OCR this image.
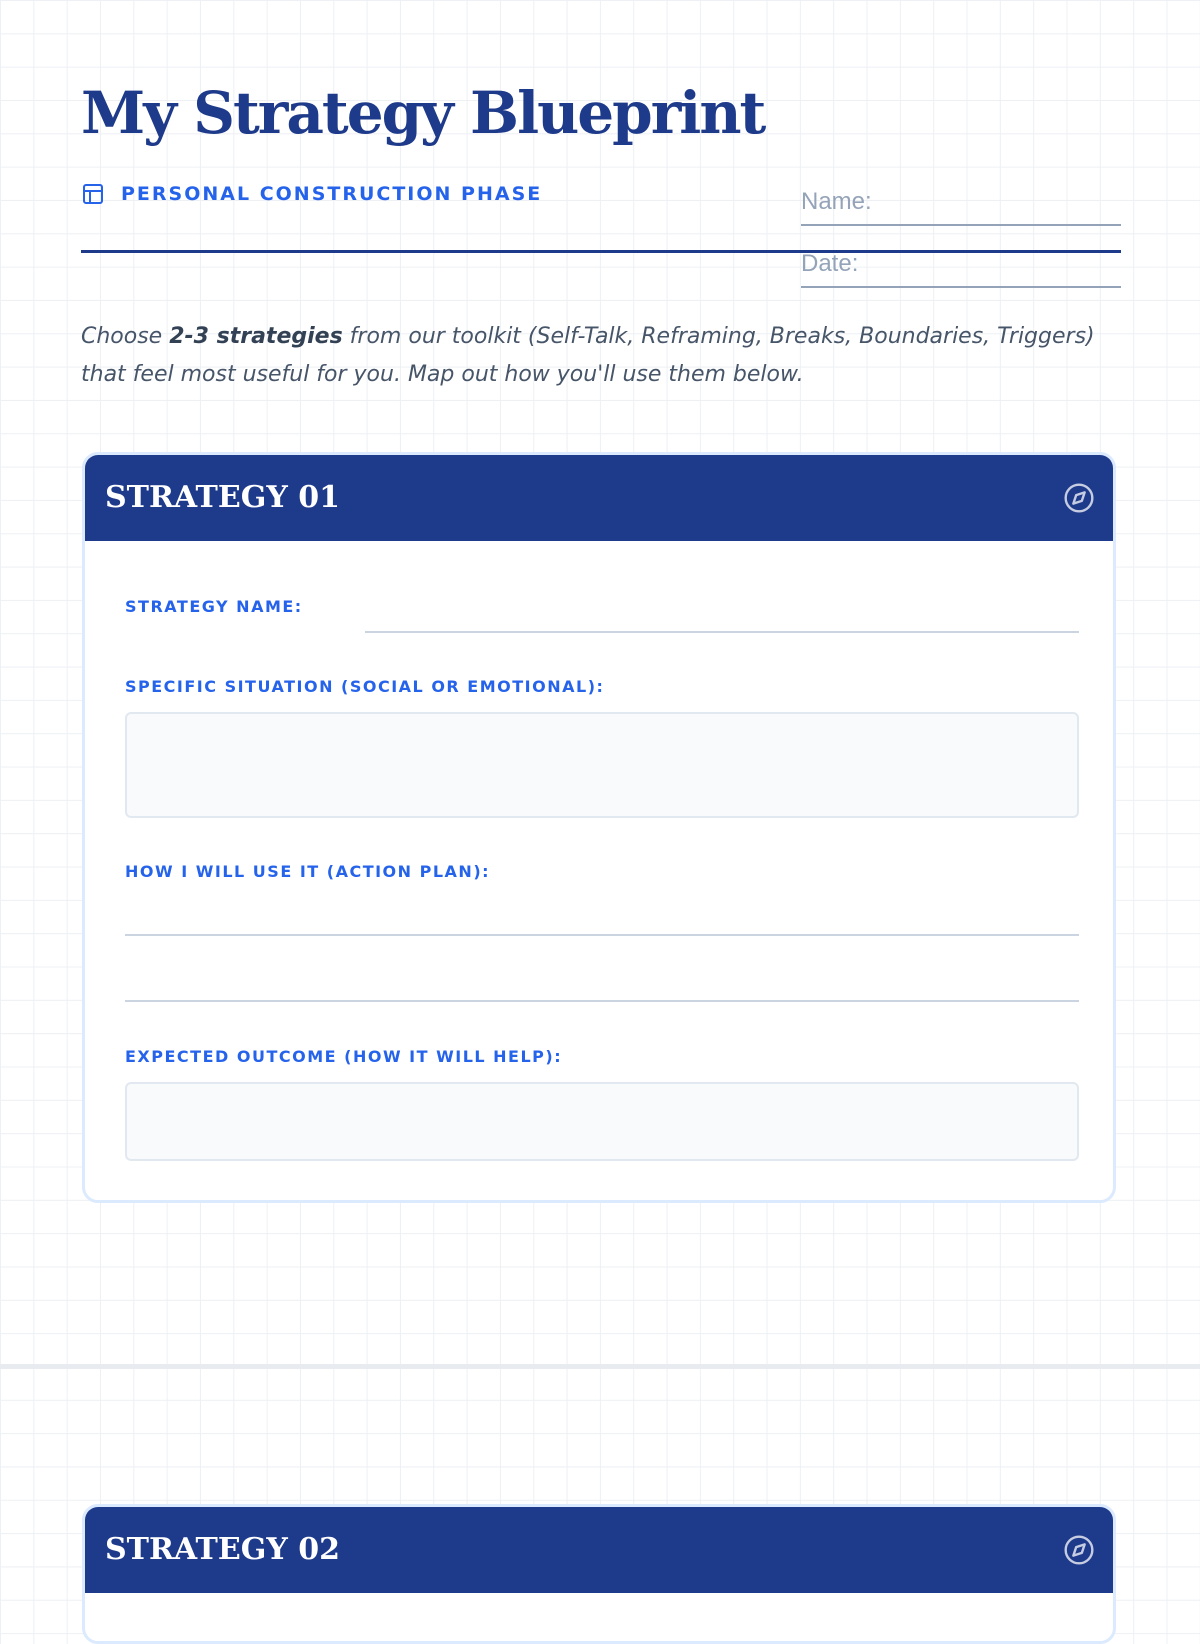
My Strategy Blueprint
PERSONAL CONSTRUCTION PHASE	Name:
Date:

Choose 2-3 strategies from our toolkit (Self-Talk, Reframing, Breaks, Boundaries, Triggers) that feel most useful for you. Map out how you'll use them below.

STRATEGY 01
STRATEGY NAME:
SPECIFIC SITUATION (SOCIAL OR EMOTIONAL):
HOW I WILL USE IT (ACTION PLAN):
EXPECTED OUTCOME (HOW IT WILL HELP):
STRATEGY 02
